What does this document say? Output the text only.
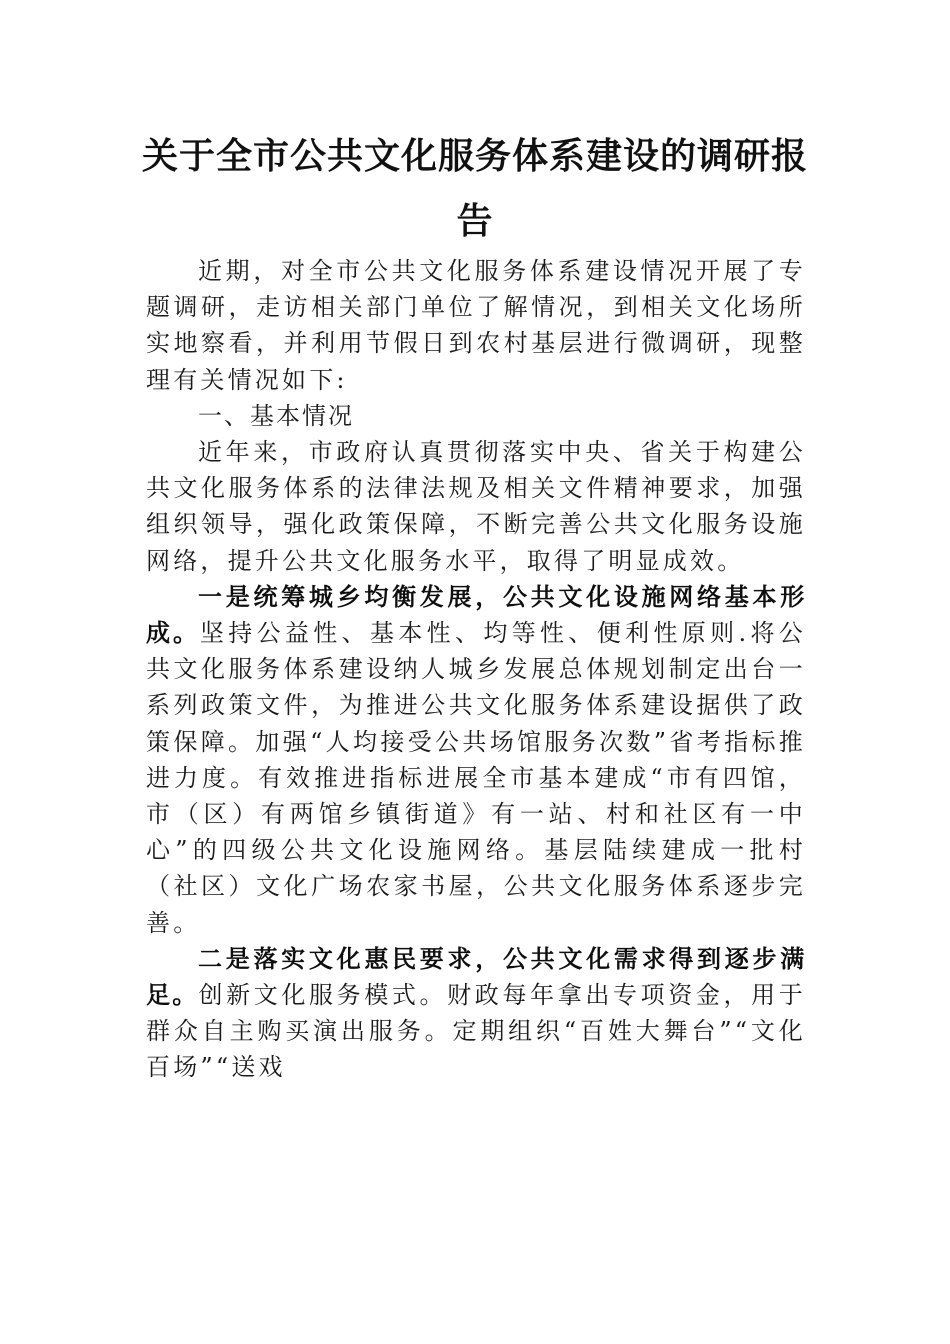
关于全市公共文化服务体系建设的调研报
告

近期，对全市公共文化服务体系建设情况开展了专题调研，走访相关部门单位了解情况，到相关文化场所实地察看，并利用节假日到农村基层进行微调研，现整理有关情况如下:

一、基本情况

近年来，市政府认真贯彻落实中央、省关于构建公共文化服务体系的法律法规及相关文件精神要求，加强组织领导，强化政策保障，不断完善公共文化服务设施网络，提升公共文化服务水平，取得了明显成效。

一是统筹城乡均衡发展，公共文化设施网络基本形成。坚持公益性、基本性、均等性、便利性原则.将公共文化服务体系建设纳人城乡发展总体规划制定出台一系列政策文件，为推进公共文化服务体系建设据供了政策保障。加强“人均接受公共场馆服务次数”省考指标推进力度。有效推进指标进展全市基本建成“市有四馆，市（区）有两馆乡镇街道》有一站、村和社区有一中心”的四级公共文化设施网络。基层陆续建成一批村（社区）文化广场农家书屋，公共文化服务体系逐步完善。

二是落实文化惠民要求，公共文化需求得到逐步满足。创新文化服务模式。财政每年拿出专项资金，用于群众自主购买演出服务。定期组织“百姓大舞台”“文化百场”“送戏
